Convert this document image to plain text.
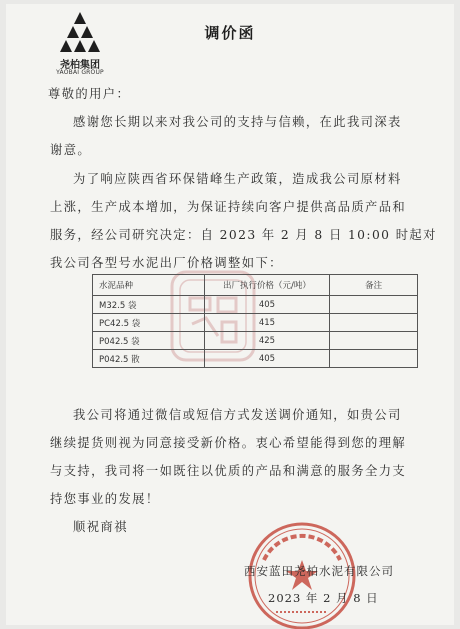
尧柏集团
YAOBAI GROUP
调价函
尊敬的用户：
感谢您长期以来对我公司的支持与信赖，在此我司深表
谢意。
为了响应陕西省环保错峰生产政策，造成我公司原材料
上涨，生产成本增加，为保证持续向客户提供高品质产品和
服务，经公司研究决定：自 2023 年 2 月 8 日 10:00 时起对
我公司各型号水泥出厂价格调整如下：
水泥品种	出厂执行价格（元/吨）	备注
M32.5 袋	405	
PC42.5 袋	415	
P042.5 袋	425	
P042.5 散	405	
我公司将通过微信或短信方式发送调价通知，如贵公司
继续提货则视为同意接受新价格。衷心希望能得到您的理解
与支持，我司将一如既往以优质的产品和满意的服务全力支
持您事业的发展！
顺祝商祺
西安蓝田尧柏水泥有限公司
2023 年 2 月 8 日
